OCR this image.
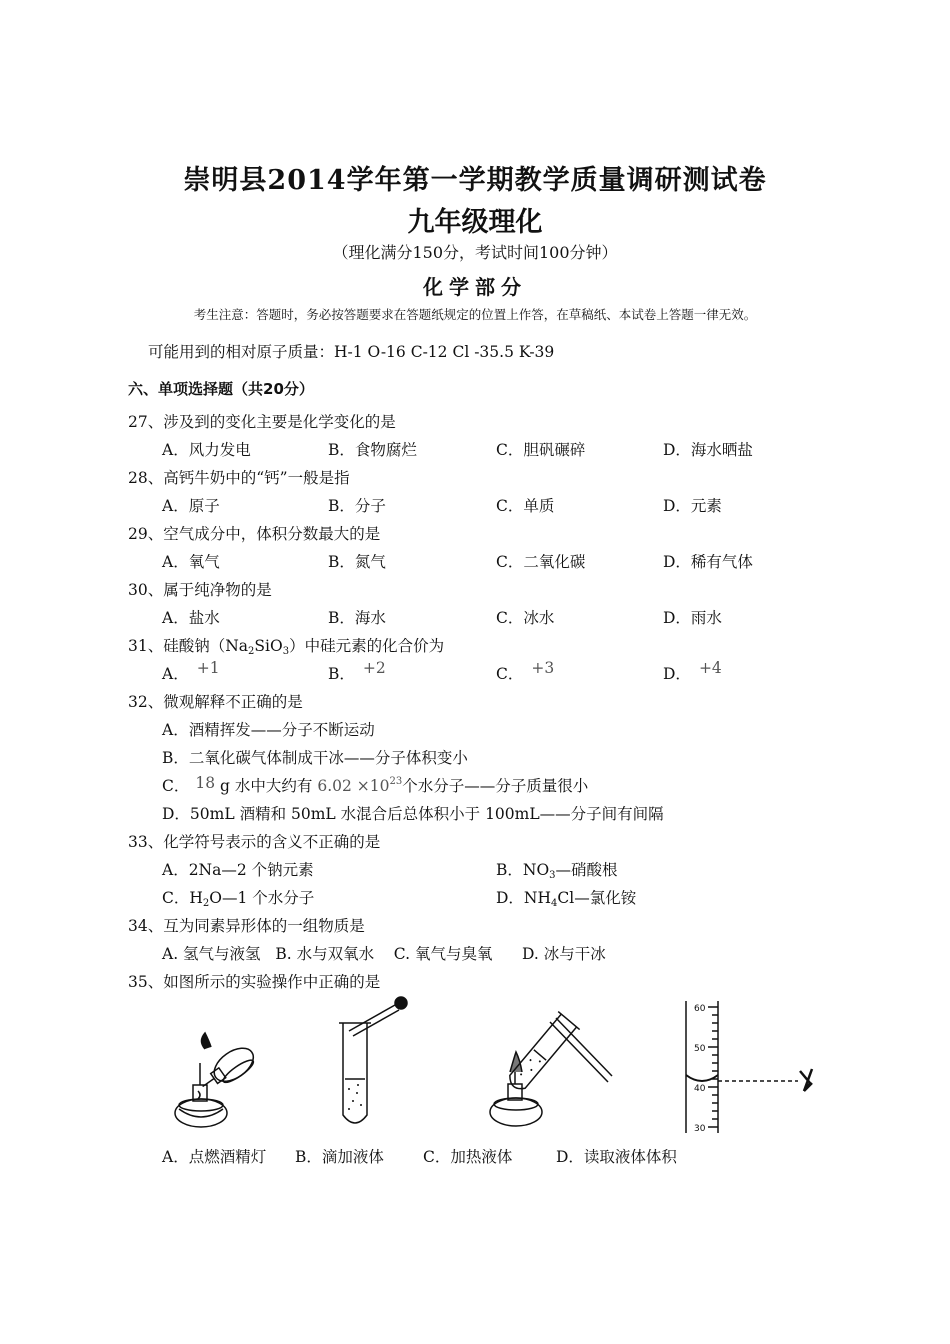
崇明县2014学年第一学期教学质量调研测试卷
九年级理化
（理化满分150分，考试时间100分钟）
化学部分
考生注意：答题时，务必按答题要求在答题纸规定的位置上作答，在草稿纸、本试卷上答题一律无效。
可能用到的相对原子质量：H-1 O-16 C-12 Cl -35.5 K-39
六、单项选择题（共20分）
27、涉及到的变化主要是化学变化的是
A．风力发电	B．食物腐烂	C．胆矾碾碎	D．海水晒盐
28、高钙牛奶中的“钙”一般是指
A．原子	B．分子	C．单质	D．元素
29、空气成分中，体积分数最大的是
A．氧气	B．氮气	C．二氧化碳	D．稀有气体
30、属于纯净物的是
A．盐水	B．海水	C．冰水	D．雨水
31、硅酸钠$(Na_2SiO_3)$中硅元素的化合价为
A． +1	B． +2	C． +3	D． +4
32、微观解释不正确的是
A．酒精挥发——分子不断运动
B．二氧化碳气体制成干冰——分子体积变小
C． 18 g 水中大约有 $6.02 \times 10^{23}$个水分子——分子质量很小
D．50mL 酒精和 50mL 水混合后总体积小于 100mL——分子间有间隔
33、化学符号表示的含义不正确的是
A．2Na—2 个钠元素	B．$NO_3—$硝酸根
C．$H_2O—1$ 个水分子	D．$NH_4Cl—$氯化铵
34、互为同素异形体的一组物质是
A. 氢气与液氢   B. 水与双氧水    C. 氧气与臭氧      D. 冰与干冰
35、如图所示的实验操作中正确的是
60
50
40
30
A．点燃酒精灯 B．滴加液体	C．加热液体	D．读取液体体积
